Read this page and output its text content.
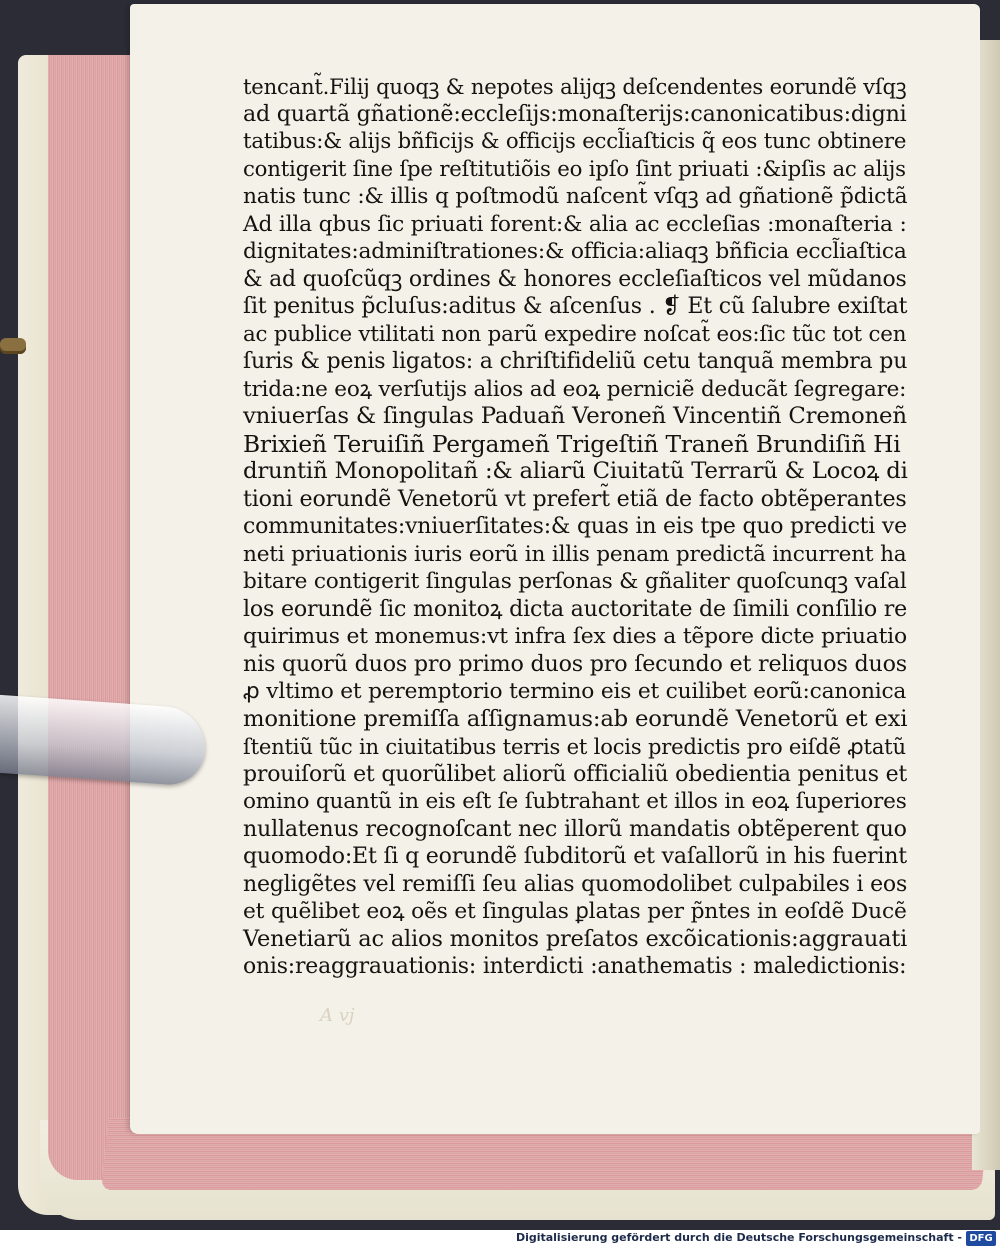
tencant̃.Filij quoqꝫ & nepotes alijqꝫ deſcendentes eorundẽ vſqꝫ
ad quartã gñationẽ:eccleſijs:monaſterijs:canonicatibus:digni
tatibus:& alijs bñficijs & officijs eccl̃iaſticis q̃ eos tunc obtinere
contigerit ſine ſpe reſtitutiõis eo ipſo ſint priuati :&ipſis ac alijs
natis tunc :& illis q poſtmodũ naſcent̃ vſqꝫ ad gñationẽ p̃dictã
Ad illa qbus ſic priuati forent:& alia ac eccleſias :monaſteria :
dignitates:adminiſtrationes:& officia:aliaqꝫ bñficia eccl̃iaſtica
& ad quoſcũqꝫ ordines & honores eccleſiaſticos vel mũdanos
ſit penitus p̃cluſus:aditus & aſcenſus . ❡ Et cũ ſalubre exiſtat
ac publice vtilitati non parũ expedire noſcat̃ eos:ſic tũc tot cen
ſuris & penis ligatos: a chriſtifideliũ cetu tanquã membra pu
trida:ne eoꝝ verſutijs alios ad eoꝝ perniciẽ deducãt ſegregare:
vniuerſas & ſingulas Paduañ Veroneñ Vincentiñ Cremoneñ
Brixieñ Teruiſiñ Pergameñ Trigeſtiñ Traneñ Brundiſiñ Hi
druntiñ Monopolitañ :& aliarũ Ciuitatũ Terrarũ & Locoꝝ di
tioni eorundẽ Venetorũ vt prefert̃ etiã de facto obtẽperantes
communitates:vniuerſitates:& quas in eis tpe quo predicti ve
neti priuationis iuris eorũ in illis penam predictã incurrent ha
bitare contigerit ſingulas perſonas & gñaliter quoſcunqꝫ vaſal
los eorundẽ ſic monitoꝝ dicta auctoritate de ſimili conſilio re
quirimus et monemus:vt infra ſex dies a tẽpore dicte priuatio
nis quorũ duos pro primo duos pro ſecundo et reliquos duos
ꝓ vltimo et peremptorio termino eis et cuilibet eorũ:canonica
monitione premiſſa aſſignamus:ab eorundẽ Venetorũ et exi
ſtentiũ tũc in ciuitatibus terris et locis predictis pro eiſdẽ ꝓtatũ
prouiſorũ et quorũlibet aliorũ officialiũ obedientia penitus et
omino quantũ in eis eſt ſe ſubtrahant et illos in eoꝝ ſuperiores
nullatenus recognoſcant nec illorũ mandatis obtẽperent quo
quomodo:Et ſi q eorundẽ ſubditorũ et vaſallorũ in his fuerint
negligẽtes vel remiſſi ſeu alias quomodolibet culpabiles i eos
et quẽlibet eoꝝ oẽs et ſingulas ꝑlatas per p̃ntes in eoſdẽ Ducẽ
Venetiarũ ac alios monitos preſatos excõicationis:aggrauati
onis:reaggrauationis: interdicti :anathematis : maledictionis:
A vj
Digitalisierung gefördert durch die Deutsche Forschungsgemeinschaft - DFG
